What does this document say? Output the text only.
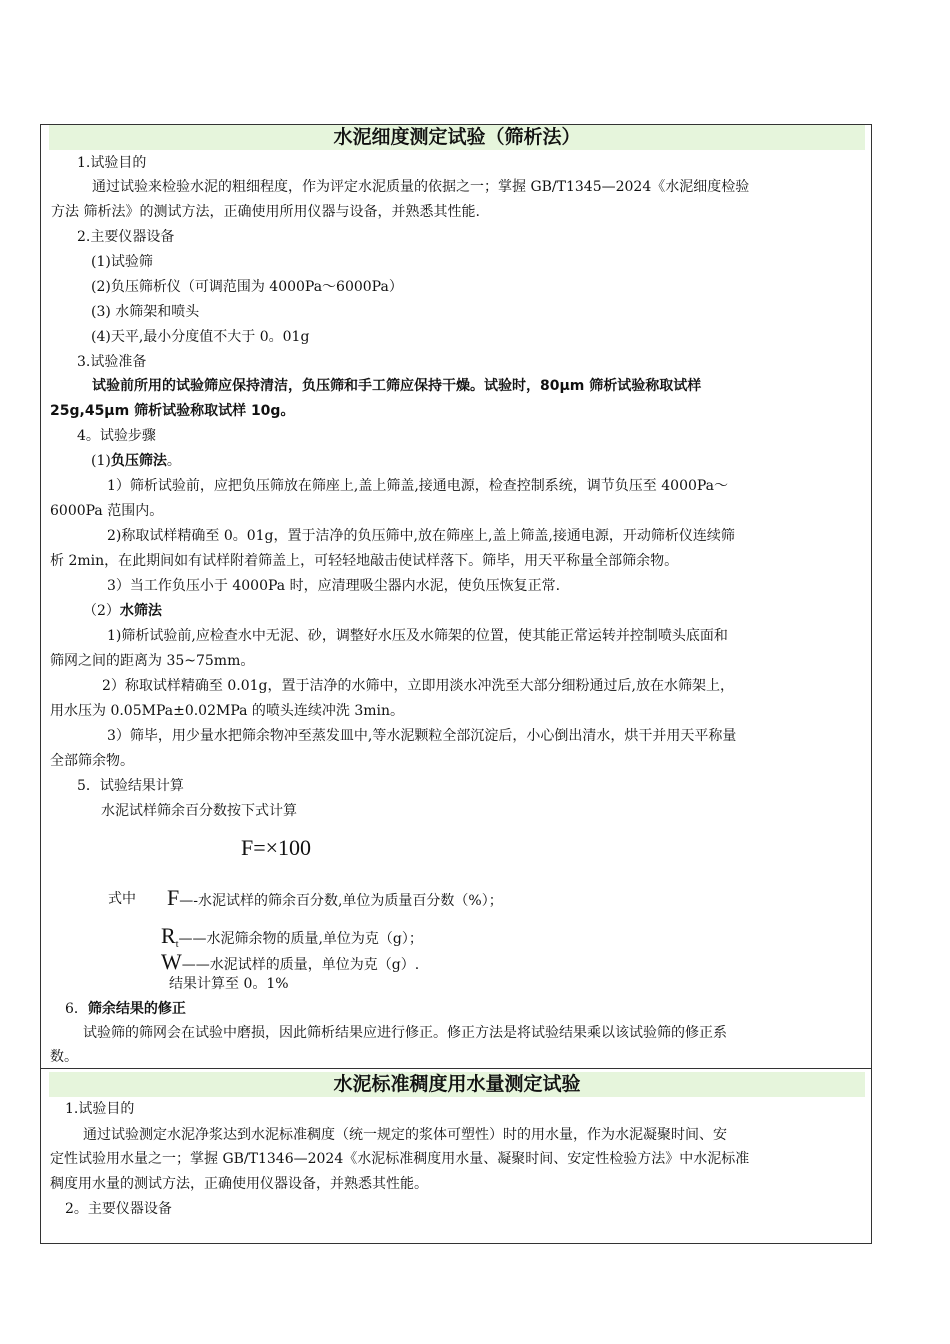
水泥细度测定试验（筛析法）
1.试验目的
通过试验来检验水泥的粗细程度，作为评定水泥质量的依据之一；掌握 GB/T1345—2024《水泥细度检验
方法 筛析法》的测试方法，正确使用所用仪器与设备，并熟悉其性能.
2.主要仪器设备
(1)试验筛
(2)负压筛析仪（可调范围为 4000Pa～6000Pa）
(3) 水筛架和喷头
(4)天平,最小分度值不大于 0。01g
3.试验准备
试验前所用的试验筛应保持清洁，负压筛和手工筛应保持干燥。试验时，80μm 筛析试验称取试样
25g,45μm 筛析试验称取试样 10g。
4。试验步骤
(1)负压筛法。
1）筛析试验前，应把负压筛放在筛座上,盖上筛盖,接通电源，检查控制系统，调节负压至 4000Pa～
6000Pa 范围内。
2)称取试样精确至 0。01g，置于洁净的负压筛中,放在筛座上,盖上筛盖,接通电源，开动筛析仪连续筛
析 2min，在此期间如有试样附着筛盖上，可轻轻地敲击使试样落下。筛毕，用天平称量全部筛余物。
3）当工作负压小于 4000Pa 时，应清理吸尘器内水泥，使负压恢复正常.
（2）水筛法
1)筛析试验前,应检查水中无泥、砂，调整好水压及水筛架的位置，使其能正常运转并控制喷头底面和
筛网之间的距离为 35~75mm。
2）称取试样精确至 0.01g，置于洁净的水筛中，立即用淡水冲洗至大部分细粉通过后,放在水筛架上，
用水压为 0.05MPa±0.02MPa 的喷头连续冲洗 3min。
3）筛毕，用少量水把筛余物冲至蒸发皿中,等水泥颗粒全部沉淀后，小心倒出清水，烘干并用天平称量
全部筛余物。
5．试验结果计算
水泥试样筛余百分数按下式计算
F=×100
式中 F—-水泥试样的筛余百分数,单位为质量百分数（%）；
$R_t——$水泥筛余物的质量,单位为克（g）；
W——水泥试样的质量，单位为克（g）.
结果计算至 0。1%
6．筛余结果的修正
试验筛的筛网会在试验中磨损，因此筛析结果应进行修正。修正方法是将试验结果乘以该试验筛的修正系
数。
水泥标准稠度用水量测定试验
1.试验目的
通过试验测定水泥净浆达到水泥标准稠度（统一规定的浆体可塑性）时的用水量，作为水泥凝聚时间、安
定性试验用水量之一；掌握 GB/T1346—2024《水泥标准稠度用水量、凝聚时间、安定性检验方法》中水泥标准
稠度用水量的测试方法，正确使用仪器设备，并熟悉其性能。
2。主要仪器设备
